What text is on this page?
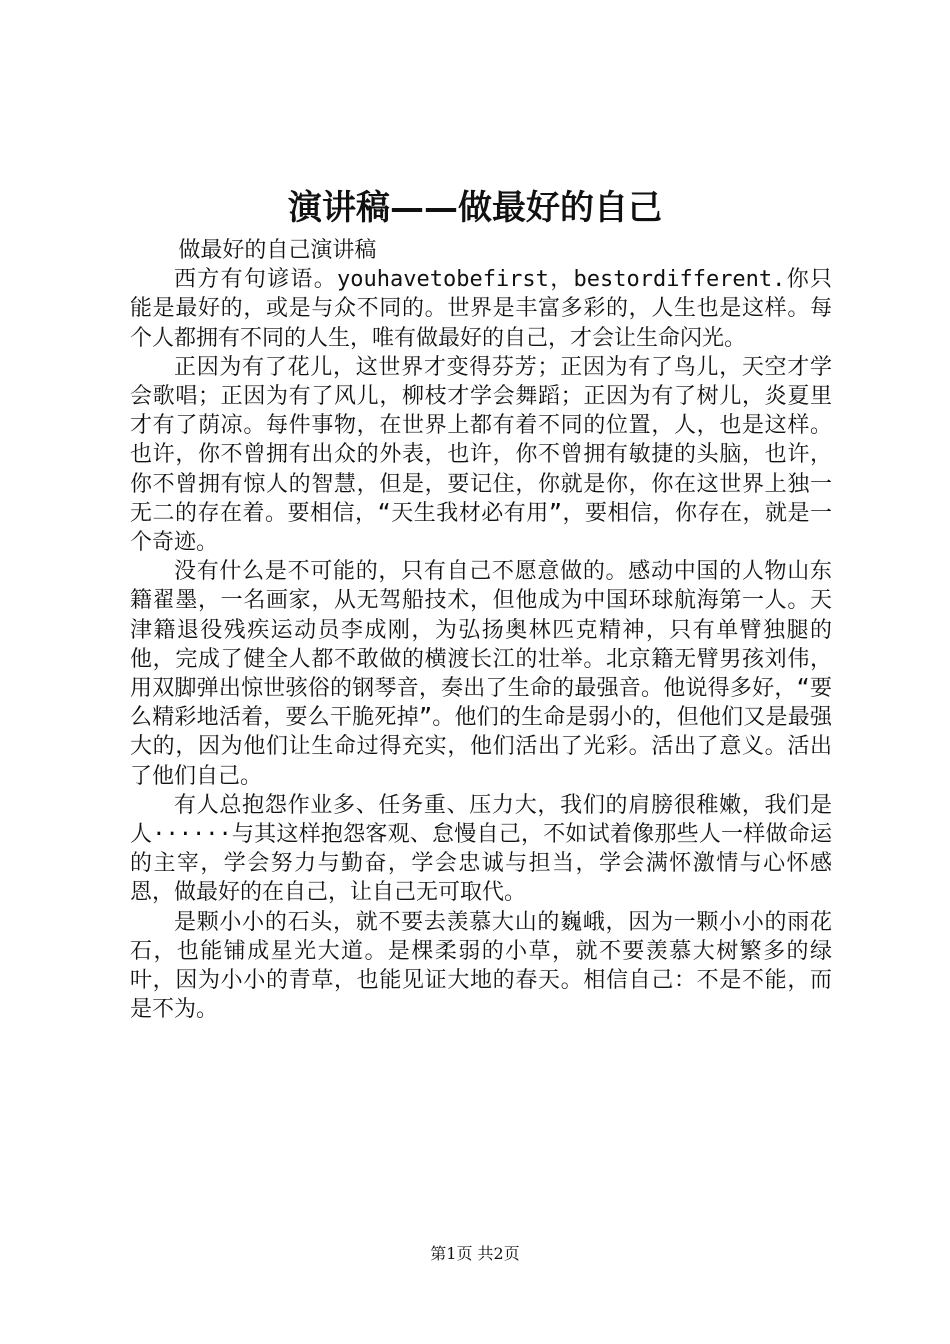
演讲稿——做最好的自己

做最好的自己演讲稿

西方有句谚语。youhavetobefirst，bestordifferent.你只能是最好的，或是与众不同的。世界是丰富多彩的，人生也是这样。每个人都拥有不同的人生，唯有做最好的自己，才会让生命闪光。

正因为有了花儿，这世界才变得芬芳；正因为有了鸟儿，天空才学会歌唱；正因为有了风儿，柳枝才学会舞蹈；正因为有了树儿，炎夏里才有了荫凉。每件事物，在世界上都有着不同的位置，人，也是这样。也许，你不曾拥有出众的外表，也许，你不曾拥有敏捷的头脑，也许，你不曾拥有惊人的智慧，但是，要记住，你就是你，你在这世界上独一无二的存在着。要相信，“天生我材必有用”，要相信，你存在，就是一个奇迹。

没有什么是不可能的，只有自己不愿意做的。感动中国的人物山东籍翟墨，一名画家，从无驾船技术，但他成为中国环球航海第一人。天津籍退役残疾运动员李成刚，为弘扬奥林匹克精神，只有单臂独腿的他，完成了健全人都不敢做的横渡长江的壮举。北京籍无臂男孩刘伟，用双脚弹出惊世骇俗的钢琴音，奏出了生命的最强音。他说得多好，“要么精彩地活着，要么干脆死掉”。他们的生命是弱小的，但他们又是最强大的，因为他们让生命过得充实，他们活出了光彩。活出了意义。活出了他们自己。

有人总抱怨作业多、任务重、压力大，我们的肩膀很稚嫩，我们是人······与其这样抱怨客观、怠慢自己，不如试着像那些人一样做命运的主宰，学会努力与勤奋，学会忠诚与担当，学会满怀激情与心怀感恩，做最好的在自己，让自己无可取代。

是颗小小的石头，就不要去羡慕大山的巍峨，因为一颗小小的雨花石，也能铺成星光大道。是棵柔弱的小草，就不要羡慕大树繁多的绿叶，因为小小的青草，也能见证大地的春天。相信自己：不是不能，而是不为。

第1页 共2页
